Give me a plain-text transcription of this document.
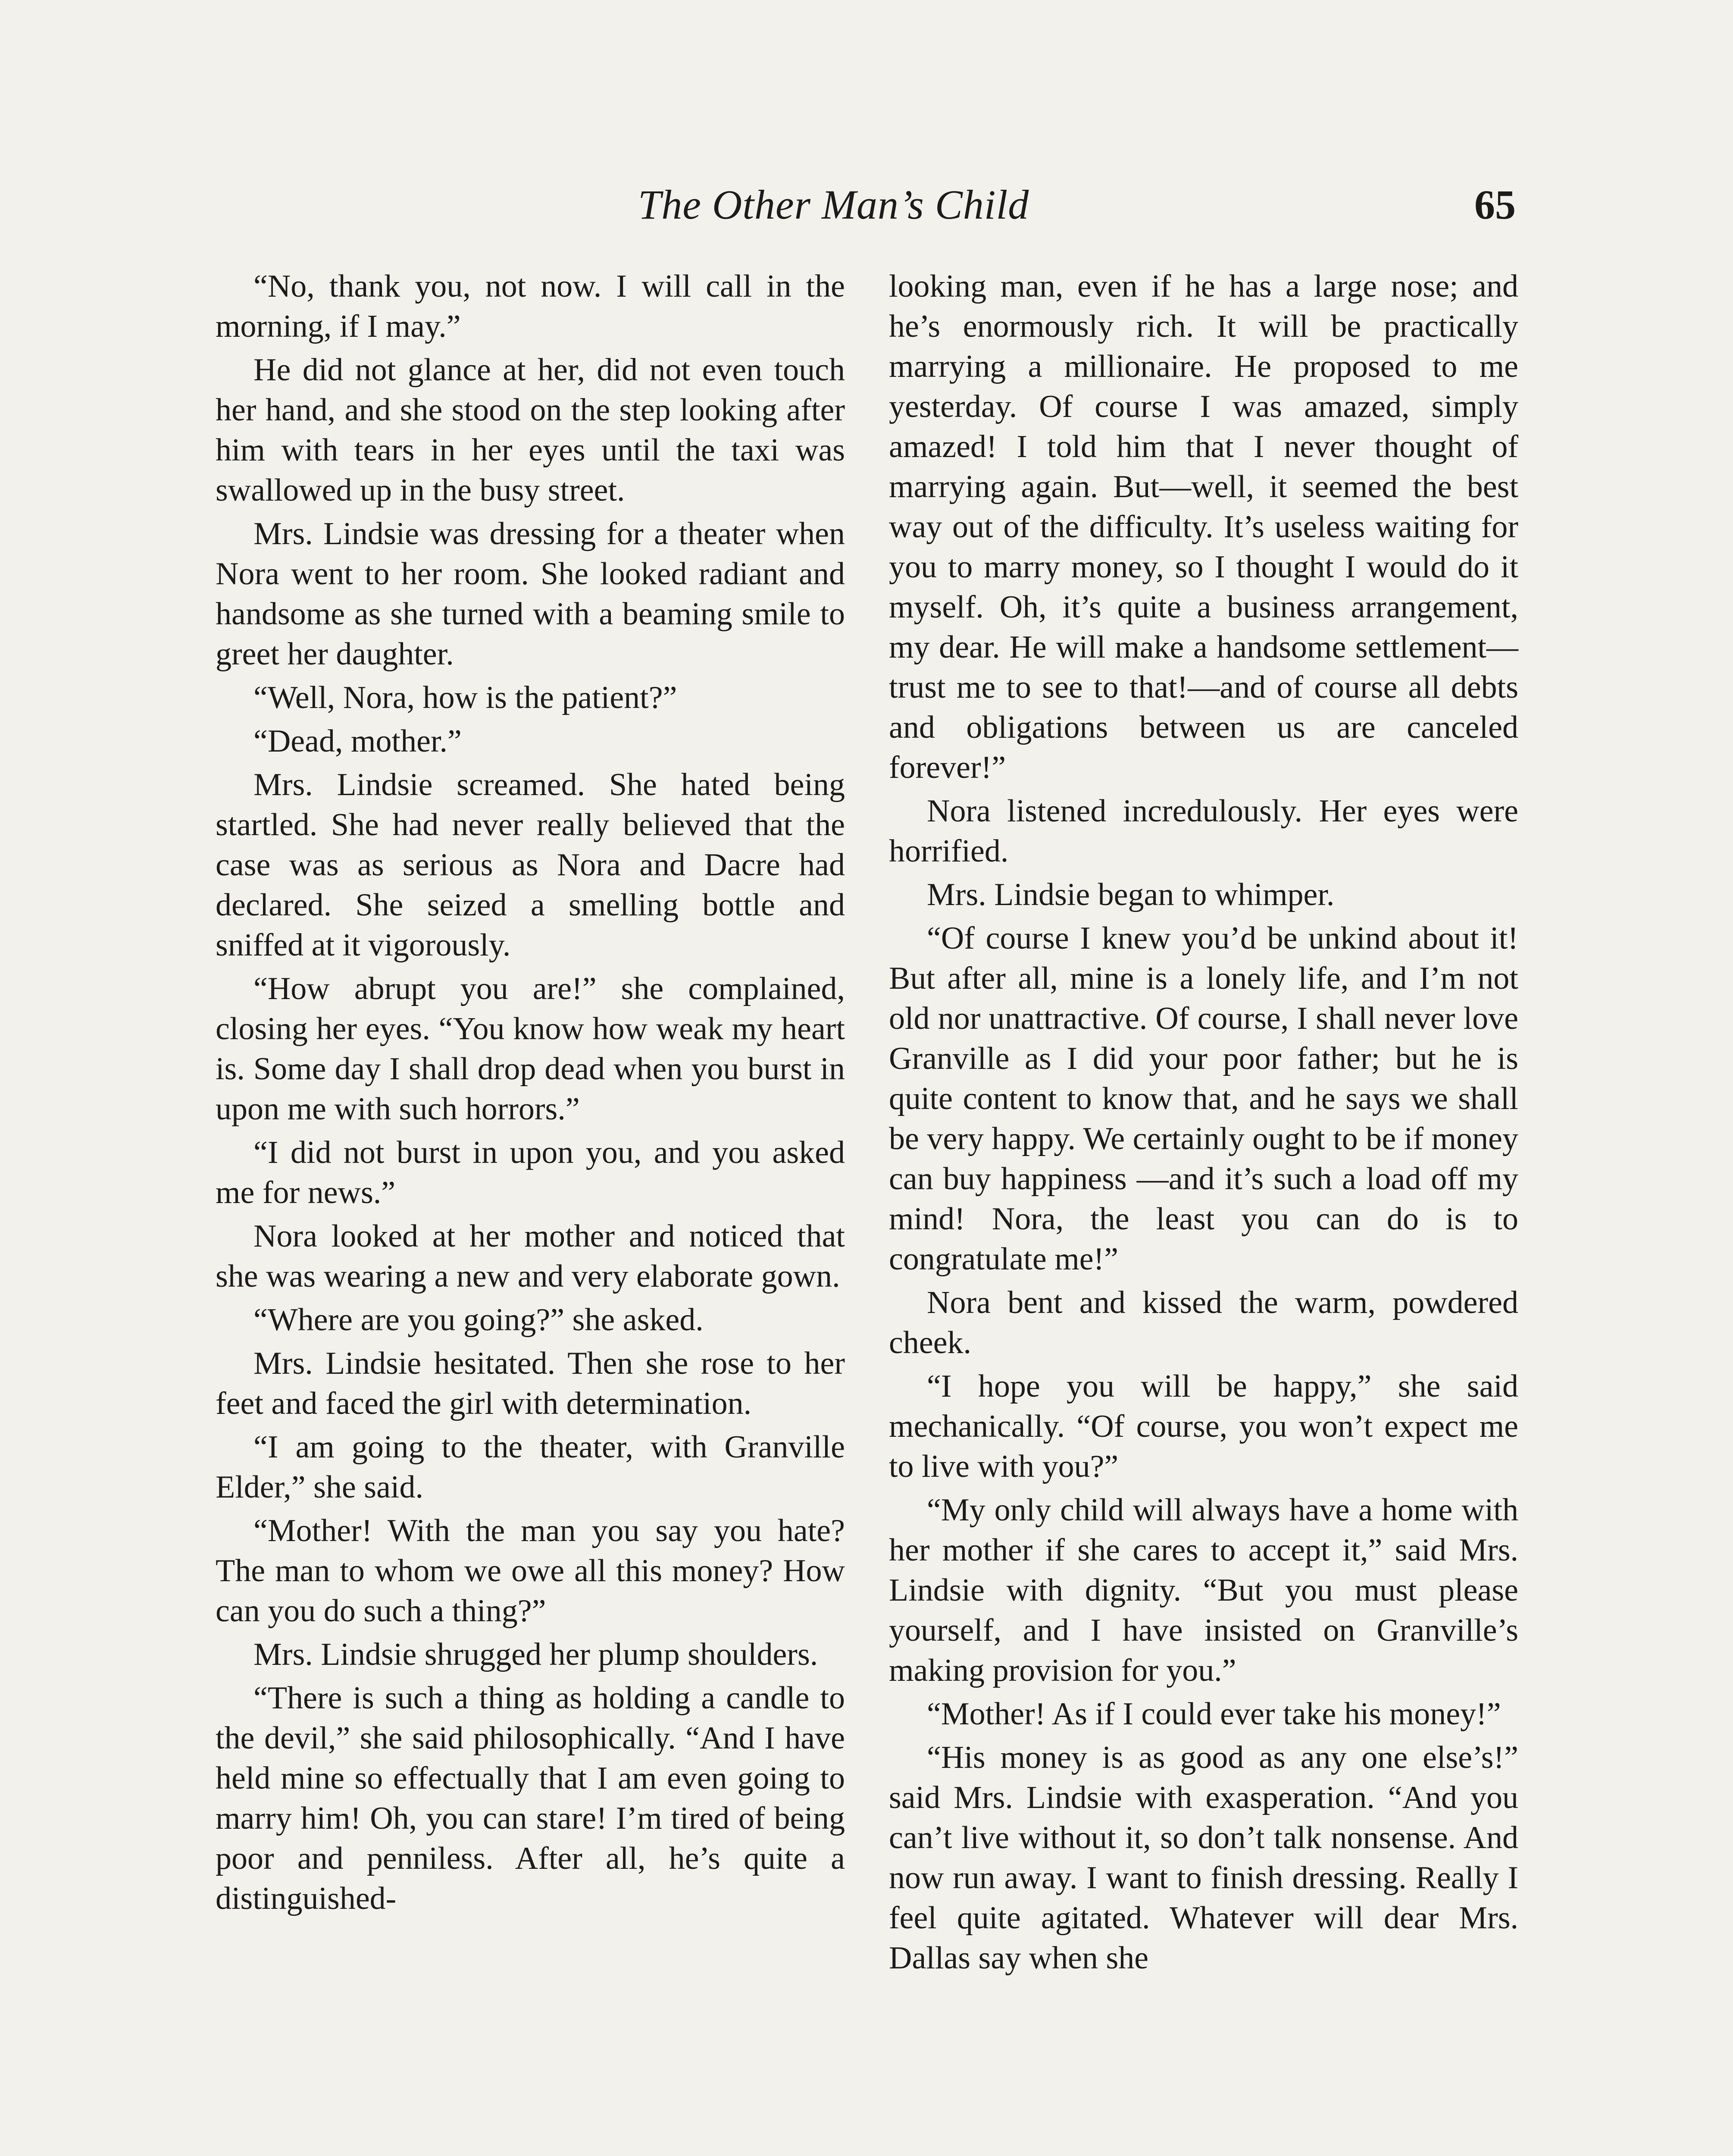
The Other Man’s Child	65

“No, thank you, not now. I will call in the morning, if I may.”

He did not glance at her, did not even touch her hand, and she stood on the step looking after him with tears in her eyes until the taxi was swallowed up in the busy street.

Mrs. Lindsie was dressing for a theater when Nora went to her room. She looked radiant and handsome as she turned with a beaming smile to greet her daughter.

“Well, Nora, how is the patient?”

“Dead, mother.”

Mrs. Lindsie screamed. She hated being startled. She had never really believed that the case was as serious as Nora and Dacre had declared. She seized a smelling bottle and sniffed at it vigorously.

“How abrupt you are!” she complained, closing her eyes. “You know how weak my heart is. Some day I shall drop dead when you burst in upon me with such horrors.”

“I did not burst in upon you, and you asked me for news.”

Nora looked at her mother and noticed that she was wearing a new and very elaborate gown.

“Where are you going?” she asked.

Mrs. Lindsie hesitated. Then she rose to her feet and faced the girl with determination.

“I am going to the theater, with Granville Elder,” she said.

“Mother! With the man you say you hate? The man to whom we owe all this money? How can you do such a thing?”

Mrs. Lindsie shrugged her plump shoulders.

“There is such a thing as holding a candle to the devil,” she said philosophically. “And I have held mine so effectually that I am even going to marry him! Oh, you can stare! I’m tired of being poor and penniless. After all, he’s quite a distinguished-

looking man, even if he has a large nose; and he’s enormously rich. It will be practically marrying a millionaire. He proposed to me yesterday. Of course I was amazed, simply amazed! I told him that I never thought of marrying again. But—well, it seemed the best way out of the difficulty. It’s useless waiting for you to marry money, so I thought I would do it myself. Oh, it’s quite a business arrangement, my dear. He will make a handsome settlement—trust me to see to that!—and of course all debts and obligations between us are canceled forever!”

Nora listened incredulously. Her eyes were horrified.

Mrs. Lindsie began to whimper.

“Of course I knew you’d be unkind about it! But after all, mine is a lonely life, and I’m not old nor unattractive. Of course, I shall never love Granville as I did your poor father; but he is quite content to know that, and he says we shall be very happy. We certainly ought to be if money can buy happiness —and it’s such a load off my mind! Nora, the least you can do is to congratulate me!”

Nora bent and kissed the warm, powdered cheek.

“I hope you will be happy,” she said mechanically. “Of course, you won’t expect me to live with you?”

“My only child will always have a home with her mother if she cares to accept it,” said Mrs. Lindsie with dignity. “But you must please yourself, and I have insisted on Granville’s making provision for you.”

“Mother! As if I could ever take his money!”

“His money is as good as any one else’s!” said Mrs. Lindsie with exasperation. “And you can’t live without it, so don’t talk nonsense. And now run away. I want to finish dressing. Really I feel quite agitated. Whatever will dear Mrs. Dallas say when she
